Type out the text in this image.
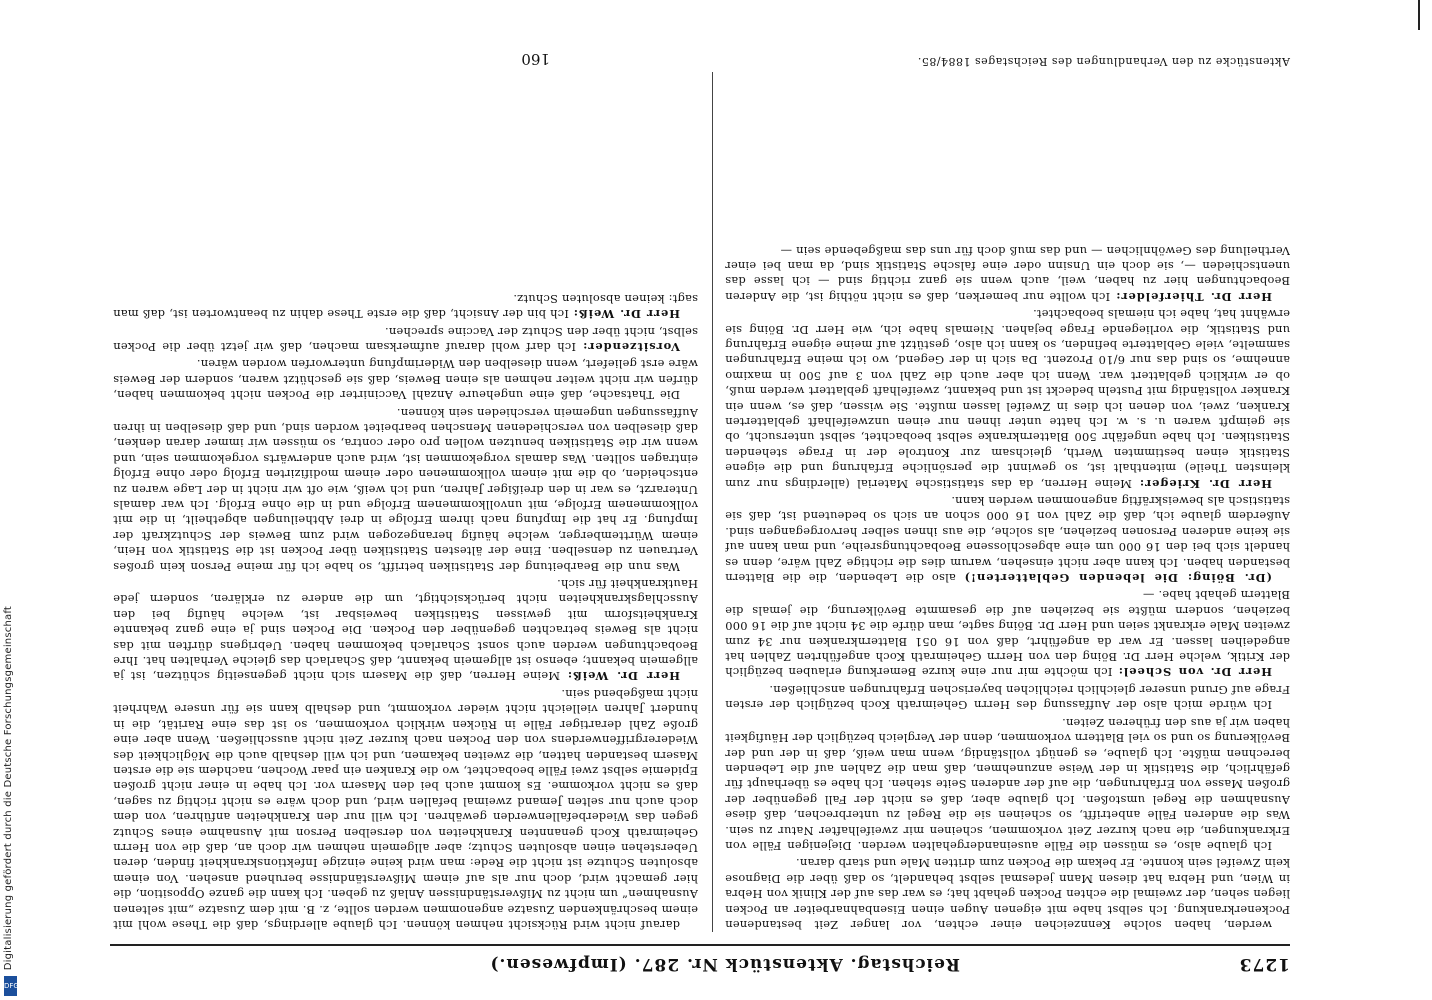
Digitalisierung gefördert durch die Deutsche Forschungsgemeinschaft
DFG
1273
Reichstag. Aktenstück Nr. 287. (Impfwesen.)

werden, haben solche Kennzeichen einer echten, vor langer Zeit bestandenen Pockenerkrankung. Ich selbst habe mit eigenen Augen einen Eisenbahnarbeiter an Pocken liegen sehen, der zweimal die echten Pocken gehabt hat; es war das auf der Klinik von Hebra in Wien, und Hebra hat diesen Mann jedesmal selbst behandelt, so daß über die Diagnose kein Zweifel sein konnte. Er bekam die Pocken zum dritten Male und starb daran.

Ich glaube also, es müssen die Fälle auseinandergehalten werden. Diejenigen Fälle von Erkrankungen, die nach kurzer Zeit vorkommen, scheinen mir zweifelhafter Natur zu sein. Was die anderen Fälle anbetrifft, so scheinen sie die Regel zu unterbrechen, daß diese Ausnahmen die Regel umstoßen. Ich glaube aber, daß es nicht der Fall gegenüber der großen Masse von Erfahrungen, die auf der anderen Seite stehen. Ich habe es überhaupt für gefährlich, die Statistik in der Weise anzunehmen, daß man die Zahlen auf die Lebenden berechnen müßte. Ich glaube, es genügt vollständig, wenn man weiß, daß in der und der Bevölkerung so und so viel Blattern vorkommen, denn der Vergleich bezüglich der Häufigkeit haben wir ja aus den früheren Zeiten.

Ich würde mich also der Auffassung des Herrn Geheimrath Koch bezüglich der ersten Frage auf Grund unserer gleichlich reichlichen bayerischen Erfahrungen anschließen.

Herr Dr. von Scheel: Ich möchte mir nur eine kurze Bemerkung erlauben bezüglich der Kritik, welche Herr Dr. Böing den von Herrn Geheimrath Koch angeführten Zahlen hat angedeihen lassen. Er war da angeführt, daß von 16 051 Blatternkranken nur 34 zum zweiten Male erkrankt seien und Herr Dr. Böing sagte, man dürfe die 34 nicht auf die 16 000 beziehen, sondern müßte sie beziehen auf die gesammte Bevölkerung, die jemals die Blattern gehabt habe. —

(Dr. Böing: Die lebenden Geblatterten!) also die Lebenden, die die Blattern bestanden haben. Ich kann aber nicht einsehen, warum dies die richtige Zahl wäre, denn es handelt sich bei den 16 000 um eine abgeschlossene Beobachtungsreihe, und man kann auf sie keine anderen Personen beziehen, als solche, die aus ihnen selber hervorgegangen sind. Außerdem glaube ich, daß die Zahl von 16 000 schon an sich so bedeutend ist, daß sie statistisch als beweiskräftig angenommen werden kann.

Herr Dr. Krieger: Meine Herren, da das statistische Material (allerdings nur zum kleinsten Theile) mitenthalt ist, so gewinnt die persönliche Erfahrung und die eigene Statistik einen bestimmten Werth, gleichsam zur Kontrole der in Frage stehenden Statistiken. Ich habe ungefähr 500 Blatternkranke selbst beobachtet, selbst untersucht, ob sie geimpft waren u. s. w. Ich hatte unter ihnen nur einen unzweifelhaft geblatterten Kranken, zwei, von denen ich dies in Zweifel lassen mußte. Sie wissen, daß es, wenn ein Kranker vollständig mit Pusteln bedeckt ist und bekannt, zweifelhaft geblattert werden muß, ob er wirklich geblattert war. Wenn ich aber auch die Zahl von 3 auf 500 in maximo annehme, so sind das nur 6/10 Prozent. Da sich in der Gegend, wo ich meine Erfahrungen sammelte, viele Geblatterte befinden, so kann ich also, gestützt auf meine eigene Erfahrung und Statistik, die vorliegende Frage bejahen. Niemals habe ich, wie Herr Dr. Böing sie erwähnt hat, habe ich niemals beobachtet.

Herr Dr. Thierfelder: Ich wollte nur bemerken, daß es nicht nöthig ist, die Anderen Beobachtungen hier zu haben, weil, auch wenn sie ganz richtig sind — ich lasse das unentschieden —, sie doch ein Unsinn oder eine falsche Statistik sind, da man bei einer Vertheilung des Gewöhnlichen — und das muß doch für uns das maßgebende sein —

darauf nicht wird Rücksicht nehmen können. Ich glaube allerdings, daß die These wohl mit einem beschränkenden Zusatze angenommen werden sollte, z. B. mit dem Zusatze „mit seltenen Ausnahmen“ um nicht zu Mißverständnissen Anlaß zu geben. Ich kann die ganze Opposition, die hier gemacht wird, doch nur als auf einem Mißverständnisse beruhend ansehen. Von einem absoluten Schutze ist nicht die Rede: man wird keine einzige Infektionskrankheit finden, deren Ueberstehen einen absoluten Schutz; aber allgemein nehmen wir doch an, daß die von Herrn Geheimrath Koch genannten Krankheiten von derselben Person mit Ausnahme eines Schutz gegen das Wiederbefallenwerden gewähren. Ich will nur den Krankheiten anführen, von dem doch auch nur selten Jemand zweimal befallen wird, und doch wäre es nicht richtig zu sagen, daß es nicht vorkomme. Es kommt auch bei den Masern vor. Ich habe in einer nicht großen Epidemie selbst zwei Fälle beobachtet, wo die Kranken ein paar Wochen, nachdem sie die ersten Masern bestanden hatten, die zweiten bekamen, und ich will deshalb auch die Möglichkeit des Wiederergriffenwerdens von den Pocken nach kurzer Zeit nicht ausschließen. Wenn aber eine große Zahl derartiger Fälle in Rücken wirklich vorkommen, so ist das eine Rarität, die in hundert Jahren vielleicht nicht wieder vorkommt, und deshalb kann sie für unsere Wahrheit nicht maßgebend sein.

Herr Dr. Weiß: Meine Herren, daß die Masern sich nicht gegenseitig schützen, ist ja allgemein bekannt; ebenso ist allgemein bekannt, daß Scharlach das gleiche Verhalten hat. Ihre Beobachtungen werden auch sonst Scharlach bekommen haben. Uebrigens dürften mit das nicht als Beweis betrachten gegenüber den Pocken. Die Pocken sind ja eine ganz bekannte Krankheitsform mit gewissen Statistiken beweisbar ist, welche häufig bei den Ausschlagskrankheiten nicht berücksichtigt, um die andere zu erklären, sondern jede Hautkrankheit für sich.

Was nun die Bearbeitung der Statistiken betrifft, so habe ich für meine Person kein großes Vertrauen zu denselben. Eine der ältesten Statistiken über Pocken ist die Statistik von Hein, einem Württemberger, welche häufig herangezogen wird zum Beweis der Schutzkraft der Impfung. Er hat die Impfung nach ihrem Erfolge in drei Abtheilungen abgetheilt, in die mit vollkommenem Erfolge, mit unvollkommenem Erfolge und in die ohne Erfolg. Ich war damals Unterarzt, es war in den dreißiger Jahren, und ich weiß, wie oft wir nicht in der Lage waren zu entscheiden, ob die mit einem vollkommenen oder einem modifizirten Erfolg oder ohne Erfolg eintragen sollten. Was damals vorgekommen ist, wird auch anderwärts vorgekommen sein, und wenn wir die Statistiken benutzen wollen pro oder contra, so müssen wir immer daran denken, daß dieselben von verschiedenen Menschen bearbeitet worden sind, und daß dieselben in ihren Auffassungen ungemein verschieden sein können.

Die Thatsache, daß eine ungeheure Anzahl Vaccinirter die Pocken nicht bekommen haben, dürfen wir nicht weiter nehmen als einen Beweis, daß sie geschützt waren, sondern der Beweis wäre erst geliefert, wenn dieselben den Widerimpfung unterworfen worden wären.

Vorsitzender: Ich darf wohl darauf aufmerksam machen, daß wir jetzt über die Pocken selbst, nicht über den Schutz der Vaccine sprechen.

Herr Dr. Weiß: Ich bin der Ansicht, daß die erste These dahin zu beantworten ist, daß man sagt: keinen absoluten Schutz.

Aktenstücke zu den Verhandlungen des Reichstages 1884/85.
160
